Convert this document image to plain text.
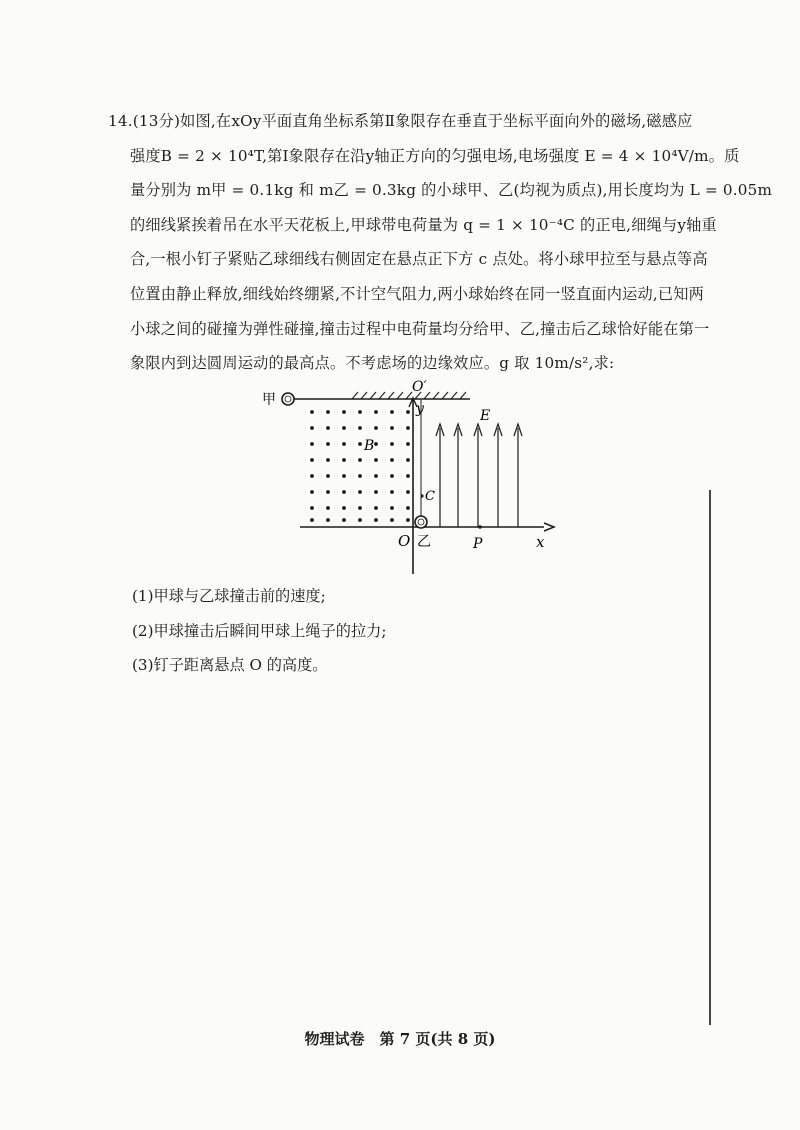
14.(13分)如图,在xOy平面直角坐标系第Ⅱ象限存在垂直于坐标平面向外的磁场,磁感应
强度B = 2 × 10⁴T,第Ⅰ象限存在沿y轴正方向的匀强电场,电场强度 E = 4 × 10⁴V/m。质
量分别为 m甲 = 0.1kg 和 m乙 = 0.3kg 的小球甲、乙(均视为质点),用长度均为 L = 0.05m
的细线紧挨着吊在水平天花板上,甲球带电荷量为 q = 1 × 10⁻⁴C 的正电,细绳与y轴重
合,一根小钉子紧贴乙球细线右侧固定在悬点正下方 c 点处。将小球甲拉至与悬点等高
位置由静止释放,细线始终绷紧,不计空气阻力,两小球始终在同一竖直面内运动,已知两
小球之间的碰撞为弹性碰撞,撞击过程中电荷量均分给甲、乙,撞击后乙球恰好能在第一
象限内到达圆周运动的最高点。不考虑场的边缘效应。g 取 10m/s²,求:
甲
x
y
O′
乙
O
C
B
E
P
(1)甲球与乙球撞击前的速度;
(2)甲球撞击后瞬间甲球上绳子的拉力;
(3)钉子距离悬点 O 的高度。
物理试卷　第 7 页(共 8 页)
